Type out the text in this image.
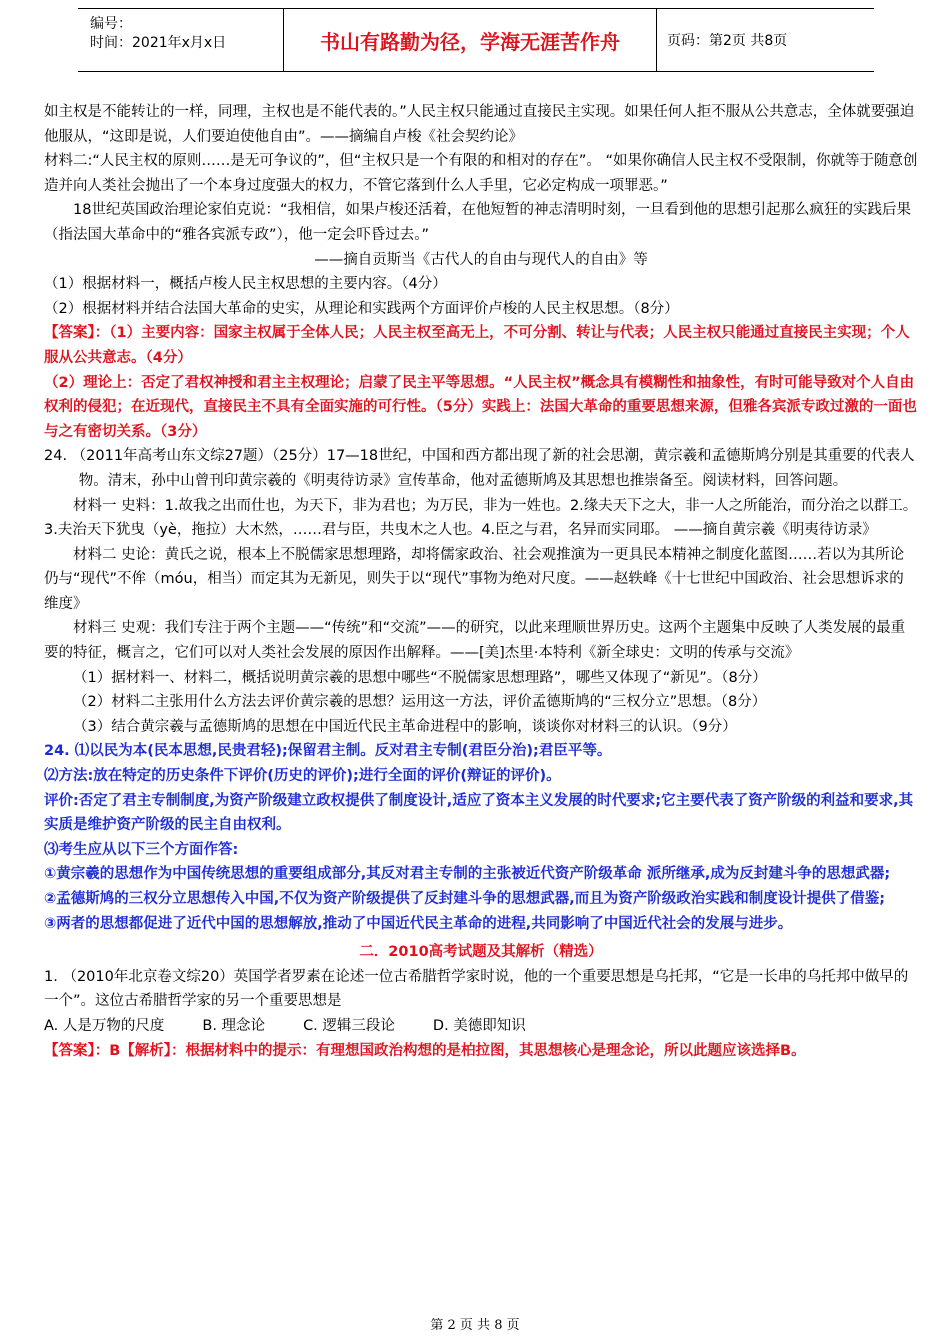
编号：
时间：2021年x月x日	书山有路勤为径，学海无涯苦作舟	页码：第2页 共8页

如主权是不能转让的一样，同理，主权也是不能代表的。”人民主权只能通过直接民主实现。如果任何人拒不服从公共意志，全体就要强迫他服从，“这即是说，人们要迫使他自由”。——摘编自卢梭《社会契约论》

材料二:“人民主权的原则……是无可争议的”，但“主权只是一个有限的和相对的存在”。 “如果你确信人民主权不受限制，你就等于随意创造并向人类社会抛出了一个本身过度强大的权力，不管它落到什么人手里，它必定构成一项罪恶。”

18世纪英国政治理论家伯克说：“我相信，如果卢梭还活着，在他短暂的神志清明时刻，一旦看到他的思想引起那么疯狂的实践后果（指法国大革命中的“雅各宾派专政”），他一定会吓昏过去。”

——摘自贡斯当《古代人的自由与现代人的自由》等

（1）根据材料一，概括卢梭人民主权思想的主要内容。（4分）

（2）根据材料并结合法国大革命的史实，从理论和实践两个方面评价卢梭的人民主权思想。（8分）

【答案】：（1）主要内容：国家主权属于全体人民；人民主权至高无上，不可分割、转让与代表；人民主权只能通过直接民主实现；个人服从公共意志。（4分）

（2）理论上：否定了君权神授和君主主权理论；启蒙了民主平等思想。“人民主权”概念具有模糊性和抽象性，有时可能导致对个人自由权利的侵犯；在近现代，直接民主不具有全面实施的可行性。（5分）实践上：法国大革命的重要思想来源，但雅各宾派专政过激的一面也与之有密切关系。（3分）

24. （2011年高考山东文综27题）（25分）17—18世纪，中国和西方都出现了新的社会思潮，黄宗羲和孟德斯鸠分别是其重要的代表人物。清末，孙中山曾刊印黄宗羲的《明夷待访录》宣传革命，他对孟德斯鸠及其思想也推崇备至。阅读材料，回答问题。

材料一 史料：1.故我之出而仕也，为天下，非为君也；为万民，非为一姓也。2.缘夫天下之大，非一人之所能治，而分治之以群工。3.夫治天下犹曳（yè，拖拉）大木然，……君与臣，共曳木之人也。4.臣之与君，名异而实同耶。 ——摘自黄宗羲《明夷待访录》

材料二 史论：黄氏之说，根本上不脱儒家思想理路，却将儒家政治、社会观推演为一更具民本精神之制度化蓝图……若以为其所论仍与“现代”不侔（móu，相当）而定其为无新见，则失于以“现代”事物为绝对尺度。——赵轶峰《十七世纪中国政治、社会思想诉求的维度》

材料三 史观：我们专注于两个主题——“传统”和“交流”——的研究，以此来理顺世界历史。这两个主题集中反映了人类发展的最重要的特征，概言之，它们可以对人类社会发展的原因作出解释。——[美]杰里·本特利《新全球史：文明的传承与交流》

（1）据材料一、材料二，概括说明黄宗羲的思想中哪些“不脱儒家思想理路”，哪些又体现了“新见”。（8分）

（2）材料二主张用什么方法去评价黄宗羲的思想？运用这一方法，评价孟德斯鸠的“三权分立”思想。（8分）

（3）结合黄宗羲与孟德斯鸠的思想在中国近代民主革命进程中的影响，谈谈你对材料三的认识。（9分）

24. ⑴以民为本(民本思想,民贵君轻);保留君主制。反对君主专制(君臣分治);君臣平等。

⑵方法:放在特定的历史条件下评价(历史的评价);进行全面的评价(辩证的评价)。

评价:否定了君主专制制度,为资产阶级建立政权提供了制度设计,适应了资本主义发展的时代要求;它主要代表了资产阶级的利益和要求,其实质是维护资产阶级的民主自由权利。

⑶考生应从以下三个方面作答:

①黄宗羲的思想作为中国传统思想的重要组成部分,其反对君主专制的主张被近代资产阶级革命 派所继承,成为反封建斗争的思想武器;

②孟德斯鸠的三权分立思想传入中国,不仅为资产阶级提供了反封建斗争的思想武器,而且为资产阶级政治实践和制度设计提供了借鉴;

③两者的思想都促进了近代中国的思想解放,推动了中国近代民主革命的进程,共同影响了中国近代社会的发展与进步。

二．2010高考试题及其解析（精选）

1. （2010年北京卷文综20）英国学者罗素在论述一位古希腊哲学家时说，他的一个重要思想是乌托邦，“它是一长串的乌托邦中做早的一个”。这位古希腊哲学家的另一个重要思想是

A. 人是万物的尺度	B. 理念论	C. 逻辑三段论	D. 美德即知识

【答案】：B【解析】：根据材料中的提示：有理想国政治构想的是柏拉图，其思想核心是理念论，所以此题应该选择B。

第 2 页 共 8 页
